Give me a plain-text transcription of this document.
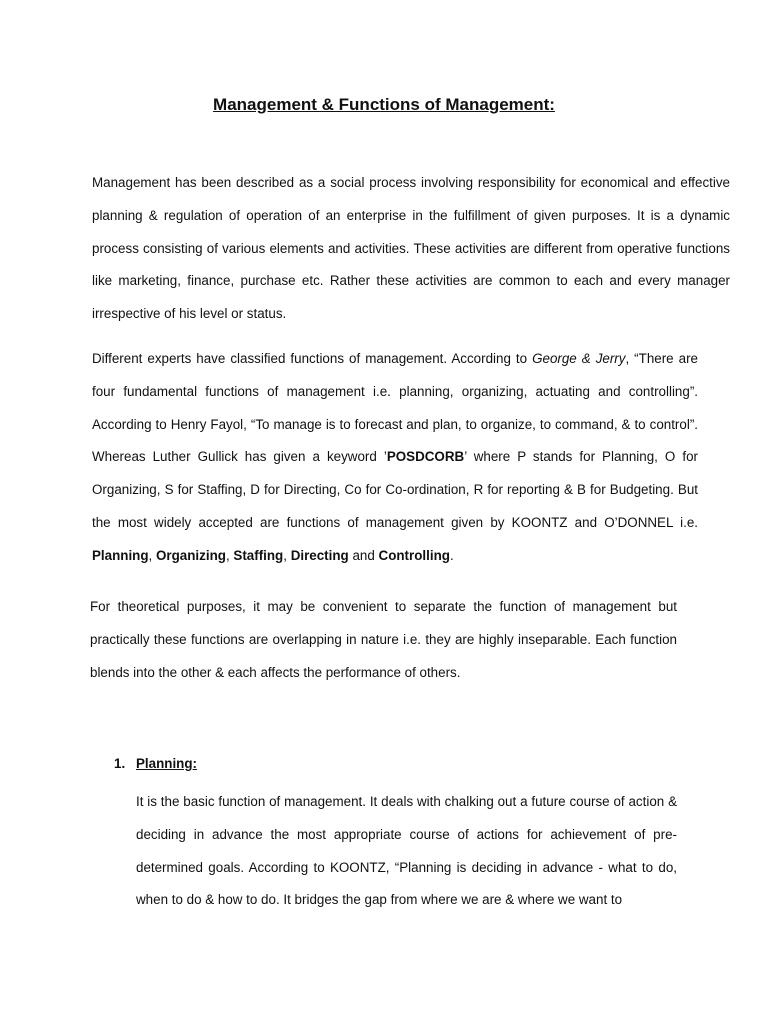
Management & Functions of Management:

Management has been described as a social process involving responsibility for economical and effective planning & regulation of operation of an enterprise in the fulfillment of given purposes. It is a dynamic process consisting of various elements and activities. These activities are different from operative functions like marketing, finance, purchase etc. Rather these activities are common to each and every manager irrespective of his level or status.

Different experts have classified functions of management. According to George & Jerry, “There are four fundamental functions of management i.e. planning, organizing, actuating and controlling”. According to Henry Fayol, “To manage is to forecast and plan, to organize, to command, & to control”. Whereas Luther Gullick has given a keyword ’POSDCORB’ where P stands for Planning, O for Organizing, S for Staffing, D for Directing, Co for Co-ordination, R for reporting & B for Budgeting. But the most widely accepted are functions of management given by KOONTZ and O’DONNEL i.e. Planning, Organizing, Staffing, Directing and Controlling.

For theoretical purposes, it may be convenient to separate the function of management but practically these functions are overlapping in nature i.e. they are highly inseparable. Each function blends into the other & each affects the performance of others.

1. Planning:

It is the basic function of management. It deals with chalking out a future course of action & deciding in advance the most appropriate course of actions for achievement of pre-determined goals. According to KOONTZ, “Planning is deciding in advance - what to do, when to do & how to do. It bridges the gap from where we are & where we want to
